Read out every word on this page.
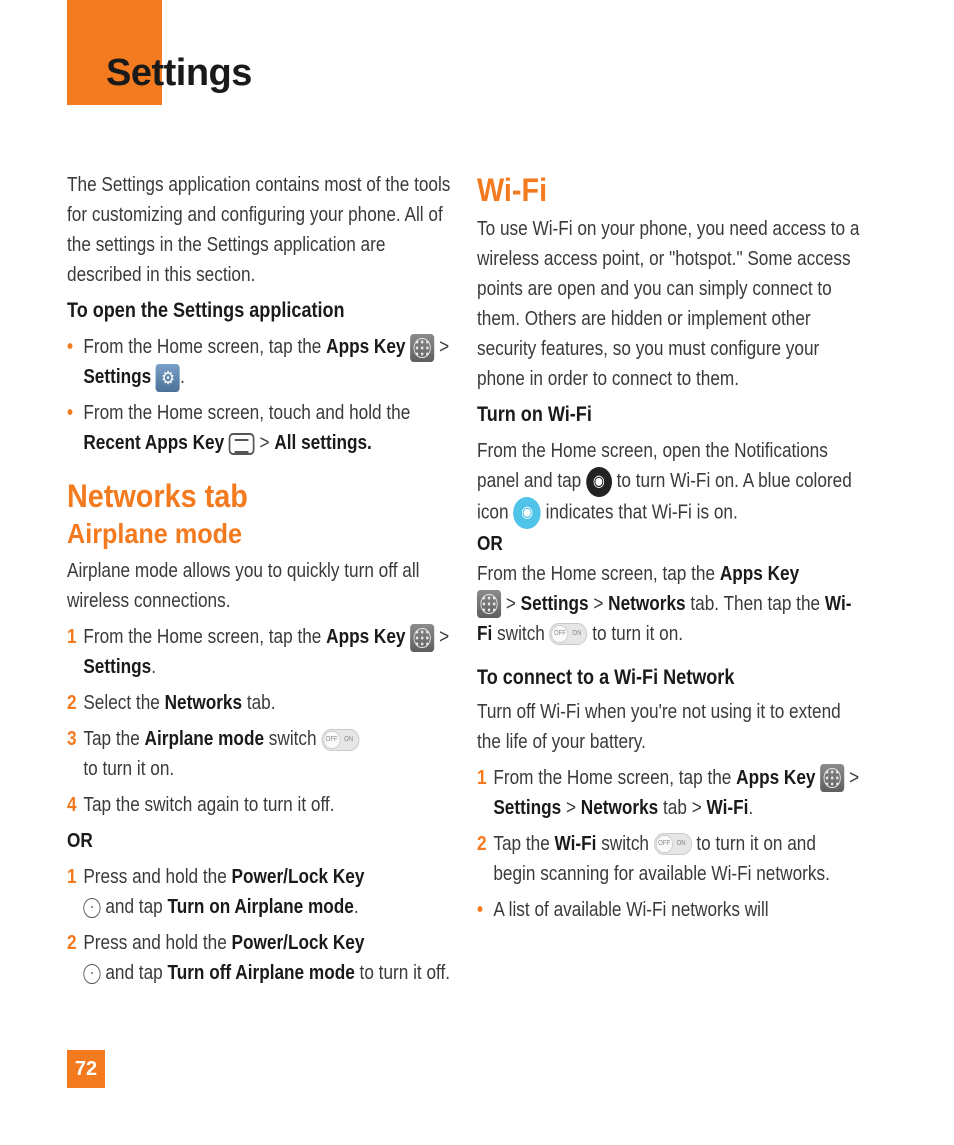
Settings

The Settings application contains most of the tools for customizing and configuring your phone. All of the settings in the Settings application are described in this section.

To open the Settings application
• From the Home screen, tap the Apps Key  > Settings ⚙ .
• From the Home screen, touch and hold the Recent Apps Key  > All settings.
Networks tab
Airplane mode

Airplane mode allows you to quickly turn off all wireless connections.

1 From the Home screen, tap the Apps Key  > Settings.
2 Select the Networks tab.
3 Tap the Airplane mode switch	OFF ON

to turn it on.
4 Tap the switch again to turn it off.

OR

1 Press and hold the Power/Lock Key
and tap Turn on Airplane mode.
2 Press and hold the Power/Lock Key
and tap Turn off Airplane mode to turn it off.
Wi-Fi

To use Wi-Fi on your phone, you need access to a wireless access point, or "hotspot." Some access points are open and you can simply connect to them. Others are hidden or implement other security features, so you must configure your phone in order to connect to them.

Turn on Wi-Fi

From the Home screen, open the Notifications panel and tap ◉ to turn Wi-Fi on. A blue colored icon ◉ indicates that Wi-Fi is on.

OR

From the Home screen, tap the Apps Key
> Settings > Networks tab. Then tap the Wi-Fi switch OFF ON to turn it on.

To connect to a Wi-Fi Network

Turn off Wi-Fi when you're not using it to extend the life of your battery.

1 From the Home screen, tap the Apps Key  > Settings > Networks tab > Wi-Fi.
2 Tap the Wi-Fi switch OFF ON to turn it on and begin scanning for available Wi-Fi networks.
• A list of available Wi-Fi networks will
72
